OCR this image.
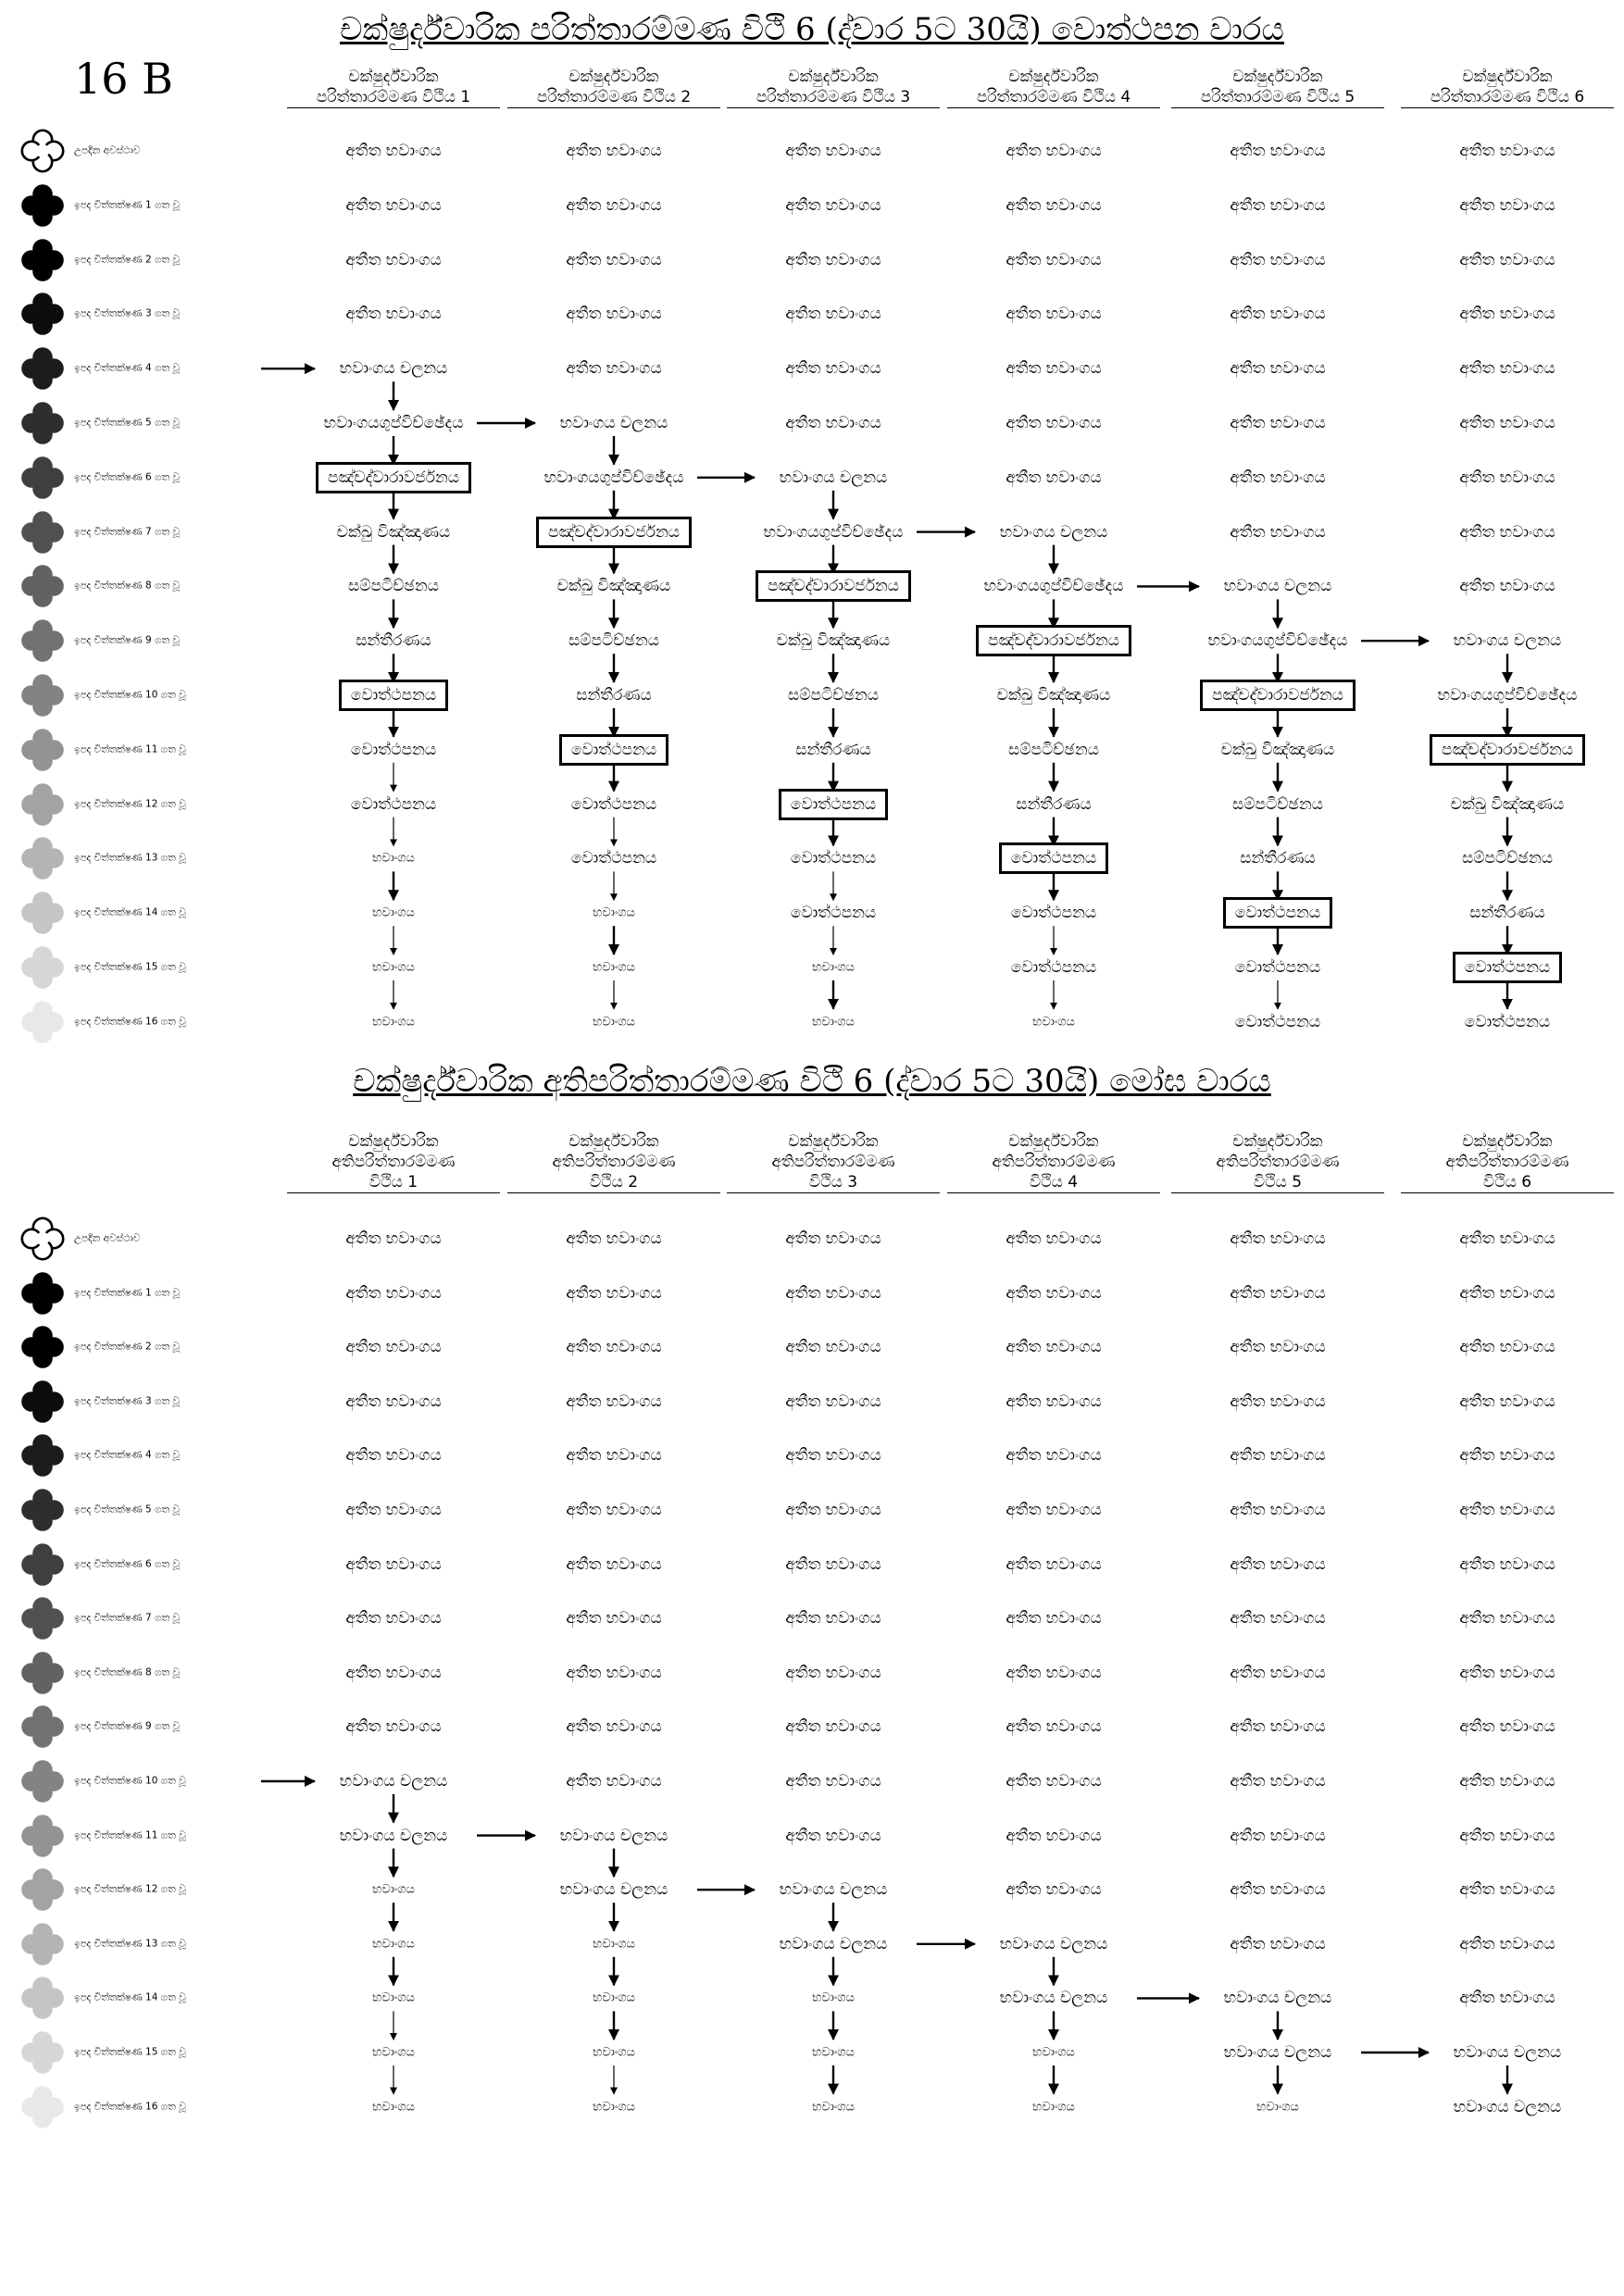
චක්ෂුර්ද්වාරික පරිත්තාරම්මණ විථි 6 (ද්වාර 5ට 30යි) වොත්ථපන වාරය
16 B
චක්ෂුර්ද්වාරික අතිපරිත්තාරම්මණ විථි 6 (ද්වාර 5ට 30යි) මෝඝ වාරය
චක්ෂුර්ද්වාරික
පරිත්තාරම්මණ විථිය 1
චක්ෂුර්ද්වාරික
පරිත්තාරම්මණ විථිය 2
චක්ෂුර්ද්වාරික
පරිත්තාරම්මණ විථිය 3
චක්ෂුර්ද්වාරික
පරිත්තාරම්මණ විථිය 4
චක්ෂුර්ද්වාරික
පරිත්තාරම්මණ විථිය 5
චක්ෂුර්ද්වාරික
පරිත්තාරම්මණ විථිය 6
උපදින අවස්ථාව
ඉපද චිත්තක්ෂණ 1 ගත වූ
ඉපද චිත්තක්ෂණ 2 ගත වූ
ඉපද චිත්තක්ෂණ 3 ගත වූ
ඉපද චිත්තක්ෂණ 4 ගත වූ
ඉපද චිත්තක්ෂණ 5 ගත වූ
ඉපද චිත්තක්ෂණ 6 ගත වූ
ඉපද චිත්තක්ෂණ 7 ගත වූ
ඉපද චිත්තක්ෂණ 8 ගත වූ
ඉපද චිත්තක්ෂණ 9 ගත වූ
ඉපද චිත්තක්ෂණ 10 ගත වූ
ඉපද චිත්තක්ෂණ 11 ගත වූ
ඉපද චිත්තක්ෂණ 12 ගත වූ
ඉපද චිත්තක්ෂණ 13 ගත වූ
ඉපද චිත්තක්ෂණ 14 ගත වූ
ඉපද චිත්තක්ෂණ 15 ගත වූ
ඉපද චිත්තක්ෂණ 16 ගත වූ
අතීත භවාංගය
අතීත භවාංගය
අතීත භවාංගය
අතීත භවාංගය
භවාංගය චලනය
භවාංගයගුප්විච්ඡේදය
පඤ්චද්වාරාවර්ජනය
චක්ඛු විඤ්ඤාණය
සම්පටිච්ඡනය
සන්තීරණය
වොත්ථපනය
වොත්ථපනය
වොත්ථපනය
භවාංගය
භවාංගය
භවාංගය
භවාංගය
අතීත භවාංගය
අතීත භවාංගය
අතීත භවාංගය
අතීත භවාංගය
අතීත භවාංගය
භවාංගය චලනය
භවාංගයගුප්විච්ඡේදය
පඤ්චද්වාරාවර්ජනය
චක්ඛු විඤ්ඤාණය
සම්පටිච්ඡනය
සන්තීරණය
වොත්ථපනය
වොත්ථපනය
වොත්ථපනය
භවාංගය
භවාංගය
භවාංගය
අතීත භවාංගය
අතීත භවාංගය
අතීත භවාංගය
අතීත භවාංගය
අතීත භවාංගය
අතීත භවාංගය
භවාංගය චලනය
භවාංගයගුප්විච්ඡේදය
පඤ්චද්වාරාවර්ජනය
චක්ඛු විඤ්ඤාණය
සම්පටිච්ඡනය
සන්තීරණය
වොත්ථපනය
වොත්ථපනය
වොත්ථපනය
භවාංගය
භවාංගය
අතීත භවාංගය
අතීත භවාංගය
අතීත භවාංගය
අතීත භවාංගය
අතීත භවාංගය
අතීත භවාංගය
අතීත භවාංගය
භවාංගය චලනය
භවාංගයගුප්විච්ඡේදය
පඤ්චද්වාරාවර්ජනය
චක්ඛු විඤ්ඤාණය
සම්පටිච්ඡනය
සන්තීරණය
වොත්ථපනය
වොත්ථපනය
වොත්ථපනය
භවාංගය
අතීත භවාංගය
අතීත භවාංගය
අතීත භවාංගය
අතීත භවාංගය
අතීත භවාංගය
අතීත භවාංගය
අතීත භවාංගය
අතීත භවාංගය
භවාංගය චලනය
භවාංගයගුප්විච්ඡේදය
පඤ්චද්වාරාවර්ජනය
චක්ඛු විඤ්ඤාණය
සම්පටිච්ඡනය
සන්තීරණය
වොත්ථපනය
වොත්ථපනය
වොත්ථපනය
අතීත භවාංගය
අතීත භවාංගය
අතීත භවාංගය
අතීත භවාංගය
අතීත භවාංගය
අතීත භවාංගය
අතීත භවාංගය
අතීත භවාංගය
අතීත භවාංගය
භවාංගය චලනය
භවාංගයගුප්විච්ඡේදය
පඤ්චද්වාරාවර්ජනය
චක්ඛු විඤ්ඤාණය
සම්පටිච්ඡනය
සන්තීරණය
වොත්ථපනය
වොත්ථපනය
චක්ෂුර්ද්වාරික
අතිපරිත්තාරම්මණ
විථිය 1
චක්ෂුර්ද්වාරික
අතිපරිත්තාරම්මණ
විථිය 2
චක්ෂුර්ද්වාරික
අතිපරිත්තාරම්මණ
විථිය 3
චක්ෂුර්ද්වාරික
අතිපරිත්තාරම්මණ
විථිය 4
චක්ෂුර්ද්වාරික
අතිපරිත්තාරම්මණ
විථිය 5
චක්ෂුර්ද්වාරික
අතිපරිත්තාරම්මණ
විථිය 6
උපදින අවස්ථාව
ඉපද චිත්තක්ෂණ 1 ගත වූ
ඉපද චිත්තක්ෂණ 2 ගත වූ
ඉපද චිත්තක්ෂණ 3 ගත වූ
ඉපද චිත්තක්ෂණ 4 ගත වූ
ඉපද චිත්තක්ෂණ 5 ගත වූ
ඉපද චිත්තක්ෂණ 6 ගත වූ
ඉපද චිත්තක්ෂණ 7 ගත වූ
ඉපද චිත්තක්ෂණ 8 ගත වූ
ඉපද චිත්තක්ෂණ 9 ගත වූ
ඉපද චිත්තක්ෂණ 10 ගත වූ
ඉපද චිත්තක්ෂණ 11 ගත වූ
ඉපද චිත්තක්ෂණ 12 ගත වූ
ඉපද චිත්තක්ෂණ 13 ගත වූ
ඉපද චිත්තක්ෂණ 14 ගත වූ
ඉපද චිත්තක්ෂණ 15 ගත වූ
ඉපද චිත්තක්ෂණ 16 ගත වූ
අතීත භවාංගය
අතීත භවාංගය
අතීත භවාංගය
අතීත භවාංගය
අතීත භවාංගය
අතීත භවාංගය
අතීත භවාංගය
අතීත භවාංගය
අතීත භවාංගය
අතීත භවාංගය
භවාංගය චලනය
භවාංගය චලනය
භවාංගය
භවාංගය
භවාංගය
භවාංගය
භවාංගය
අතීත භවාංගය
අතීත භවාංගය
අතීත භවාංගය
අතීත භවාංගය
අතීත භවාංගය
අතීත භවාංගය
අතීත භවාංගය
අතීත භවාංගය
අතීත භවාංගය
අතීත භවාංගය
අතීත භවාංගය
භවාංගය චලනය
භවාංගය චලනය
භවාංගය
භවාංගය
භවාංගය
භවාංගය
අතීත භවාංගය
අතීත භවාංගය
අතීත භවාංගය
අතීත භවාංගය
අතීත භවාංගය
අතීත භවාංගය
අතීත භවාංගය
අතීත භවාංගය
අතීත භවාංගය
අතීත භවාංගය
අතීත භවාංගය
අතීත භවාංගය
භවාංගය චලනය
භවාංගය චලනය
භවාංගය
භවාංගය
භවාංගය
අතීත භවාංගය
අතීත භවාංගය
අතීත භවාංගය
අතීත භවාංගය
අතීත භවාංගය
අතීත භවාංගය
අතීත භවාංගය
අතීත භවාංගය
අතීත භවාංගය
අතීත භවාංගය
අතීත භවාංගය
අතීත භවාංගය
අතීත භවාංගය
භවාංගය චලනය
භවාංගය චලනය
භවාංගය
භවාංගය
අතීත භවාංගය
අතීත භවාංගය
අතීත භවාංගය
අතීත භවාංගය
අතීත භවාංගය
අතීත භවාංගය
අතීත භවාංගය
අතීත භවාංගය
අතීත භවාංගය
අතීත භවාංගය
අතීත භවාංගය
අතීත භවාංගය
අතීත භවාංගය
අතීත භවාංගය
භවාංගය චලනය
භවාංගය චලනය
භවාංගය
අතීත භවාංගය
අතීත භවාංගය
අතීත භවාංගය
අතීත භවාංගය
අතීත භවාංගය
අතීත භවාංගය
අතීත භවාංගය
අතීත භවාංගය
අතීත භවාංගය
අතීත භවාංගය
අතීත භවාංගය
අතීත භවාංගය
අතීත භවාංගය
අතීත භවාංගය
අතීත භවාංගය
භවාංගය චලනය
භවාංගය චලනය
